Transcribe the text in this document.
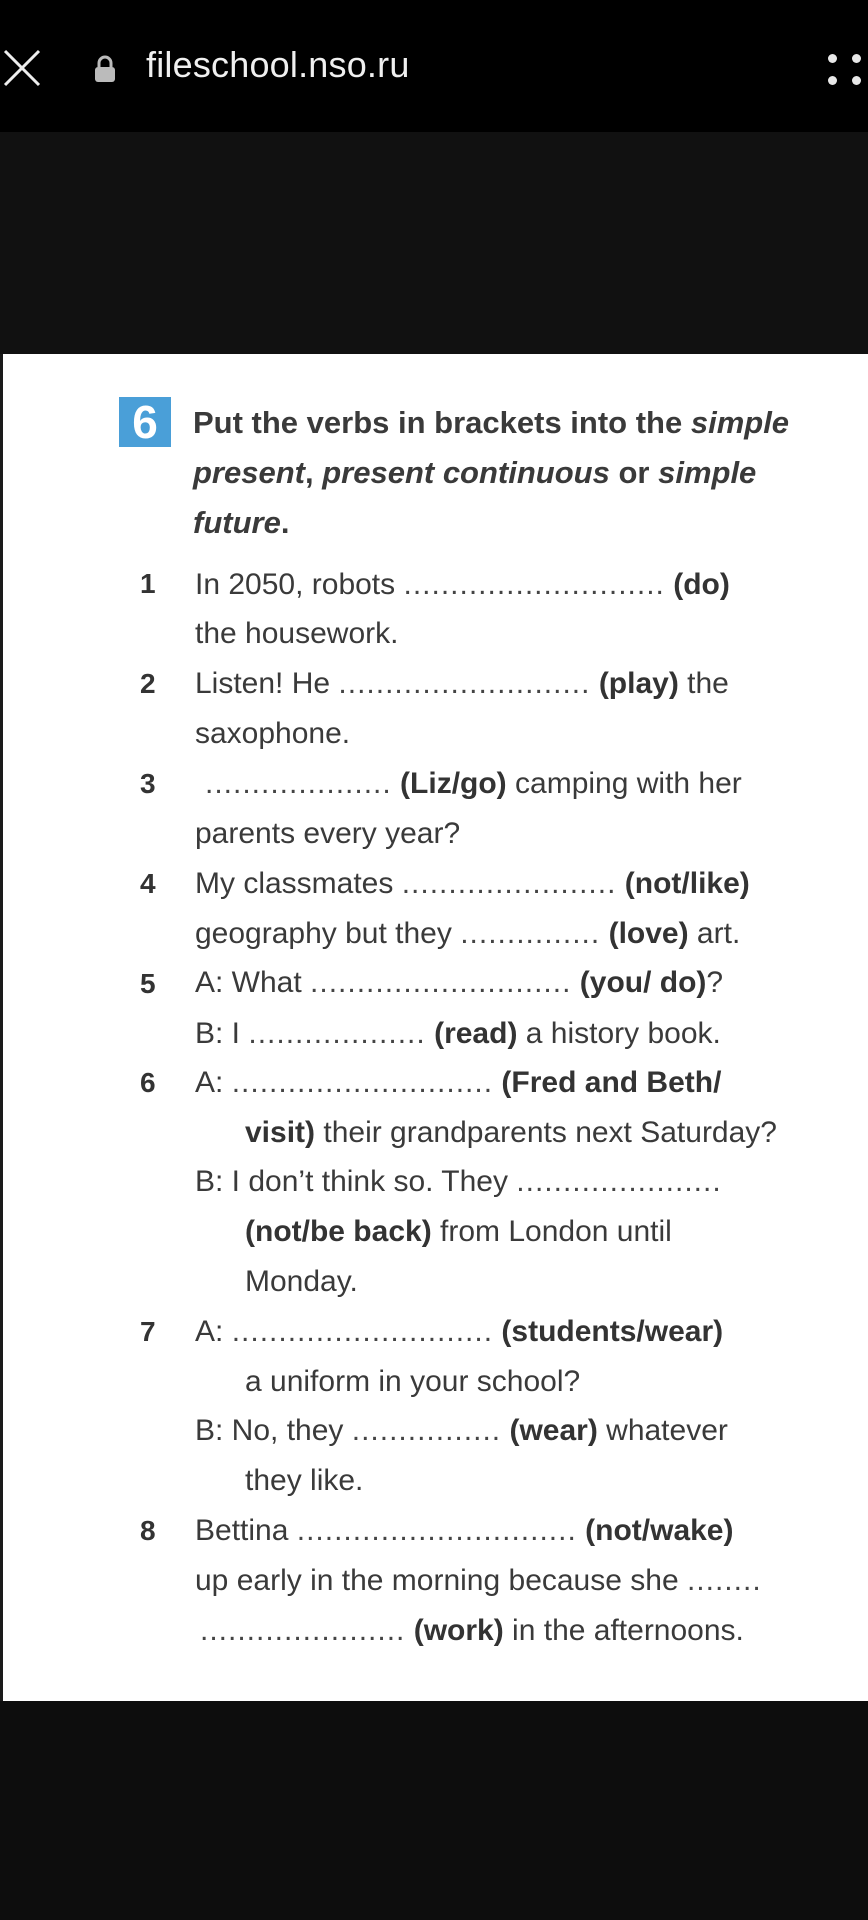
fileschool.nso.ru
6	Put the verbs in brackets into the simple
present, present continuous or simple
future.
1	In 2050, robots ............................ (do)
the housework.
2	Listen! He ........................... (play) the
saxophone.
3	.................... (Liz/go) camping with her
parents every year?
4	My classmates ....................... (not/like)
geography but they ............... (love) art.
5	A: What ............................ (you/ do)?
B: I ................... (read) a history book.
6	A: ............................ (Fred and Beth/
visit) their grandparents next Saturday?
B: I don’t think so. They ......................
(not/be back) from London until
Monday.
7	A: ............................ (students/wear)
a uniform in your school?
B: No, they ................ (wear) whatever
they like.
8	Bettina .............................. (not/wake)
up early in the morning because she ........
...................... (work) in the afternoons.
